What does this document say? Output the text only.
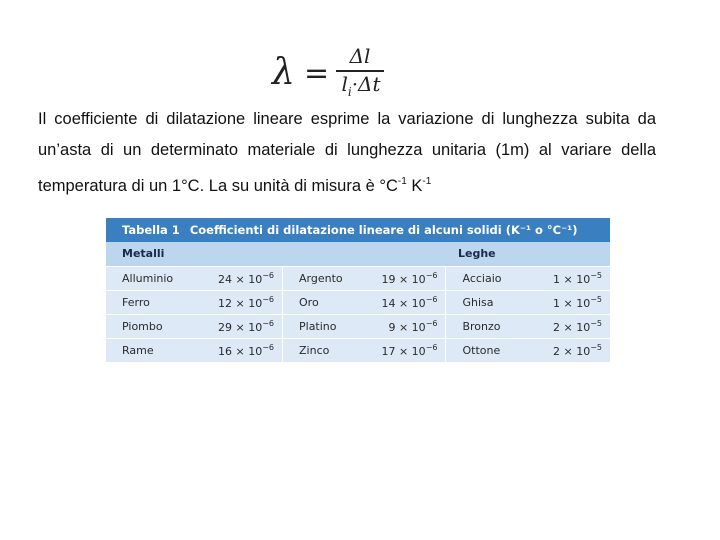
λ =	Δl
$l_i\cdot\Delta t$
Il coefficiente di dilatazione lineare esprime la variazione di lunghezza subita da un’asta di un determinato materiale di lunghezza unitaria (1m) al variare della temperatura di un 1°C. La su unità di misura è $^\circ C^{-1}$ $K^{-1}$
Tabella 1 Coefficienti di dilatazione lineare di alcuni solidi (K⁻¹ o °C⁻¹)
Metalli	Leghe
Alluminio	$24 \times 10^{-6}$	Argento	$19 \times 10^{-6}$	Acciaio	$1 \times 10^{-5}$
Ferro	$12 \times 10^{-6}$	Oro	$14 \times 10^{-6}$	Ghisa	$1 \times 10^{-5}$
Piombo	$29 \times 10^{-6}$	Platino	$9 \times 10^{-6}$	Bronzo	$2 \times 10^{-5}$
Rame	$16 \times 10^{-6}$	Zinco	$17 \times 10^{-6}$	Ottone	$2 \times 10^{-5}$
